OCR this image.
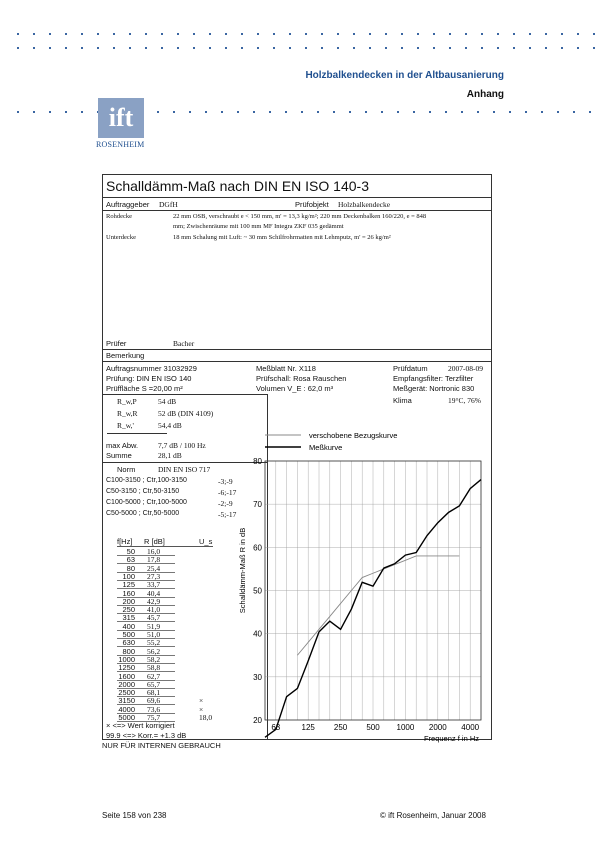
Holzbalkendecken in der Altbausanierung
Anhang
ift
ROSENHEIM
Schalldämm-Maß nach DIN EN ISO 140-3
Auftraggeber DGfH	Prüfobjekt Holzbalkendecke
Rohdecke	22 mm OSB, verschraubt e < 150 mm, m' = 13,3 kg/m²; 220 mm Deckenbalken 160/220, e = 848
mm; Zwischenräume mit 100 mm MF Integra ZKF 035 gedämmt
Unterdecke	18 mm Schalung mit Luft: ~ 30 mm Schilfrohrmatten mit Lehmputz, m' = 26 kg/m²
Prüfer	Bacher
Bemerkung
Auftragsnummer 31032929
Prüfung: DIN EN ISO 140
Prüffläche S =20,00 m²
Meßblatt Nr. X118
Prüfschall: Rosa Rauschen
Volumen V_E : 62,0 m³
Prüfdatum	2007-08-09
Empfangsfilter: Terzfilter
Meßgerät: Nortronic 830
Klima	19°C, 76%
R_w,P	54 dB
R_w,R	52 dB (DIN 4109)
R_w,'	54,4 dB
max Abw.	7,7 dB / 100 Hz
Summe	28,1 dB
Norm	DIN EN ISO 717
C100-3150 ; Ctr,100-3150	-3;-9
C50-3150 ; Ctr,50-3150	-6;-17
C100-5000 ; Ctr,100-5000	-2;-9
C50-5000 ; Ctr,50-5000	-5;-17
f[Hz] R [dB]	U_s
50 16,0
63 17,8
80 25,4
100 27,3
125 33,7
160 40,4
200 42,9
250 41,0
315 45,7
400 51,9
500 51,0
630 55,2
800 56,2
1000 58,2
1250 58,8
1600 62,7
2000 65,7
2500 68,1
3150 69,6	×
4000 73,6	×
5000 75,7	18,0
× <=> Wert korrigiert
99.9 <=> Korr.= +1.3 dB
20
30
40
50
60
70
80
63	125 250 500 1000 2000 4000
Frequenz f in Hz
Schalldämm-Maß R in dB
verschobene Bezugskurve
Meßkurve
NUR FÜR INTERNEN GEBRAUCH
Seite 158 von 238	© ift Rosenheim, Januar 2008
